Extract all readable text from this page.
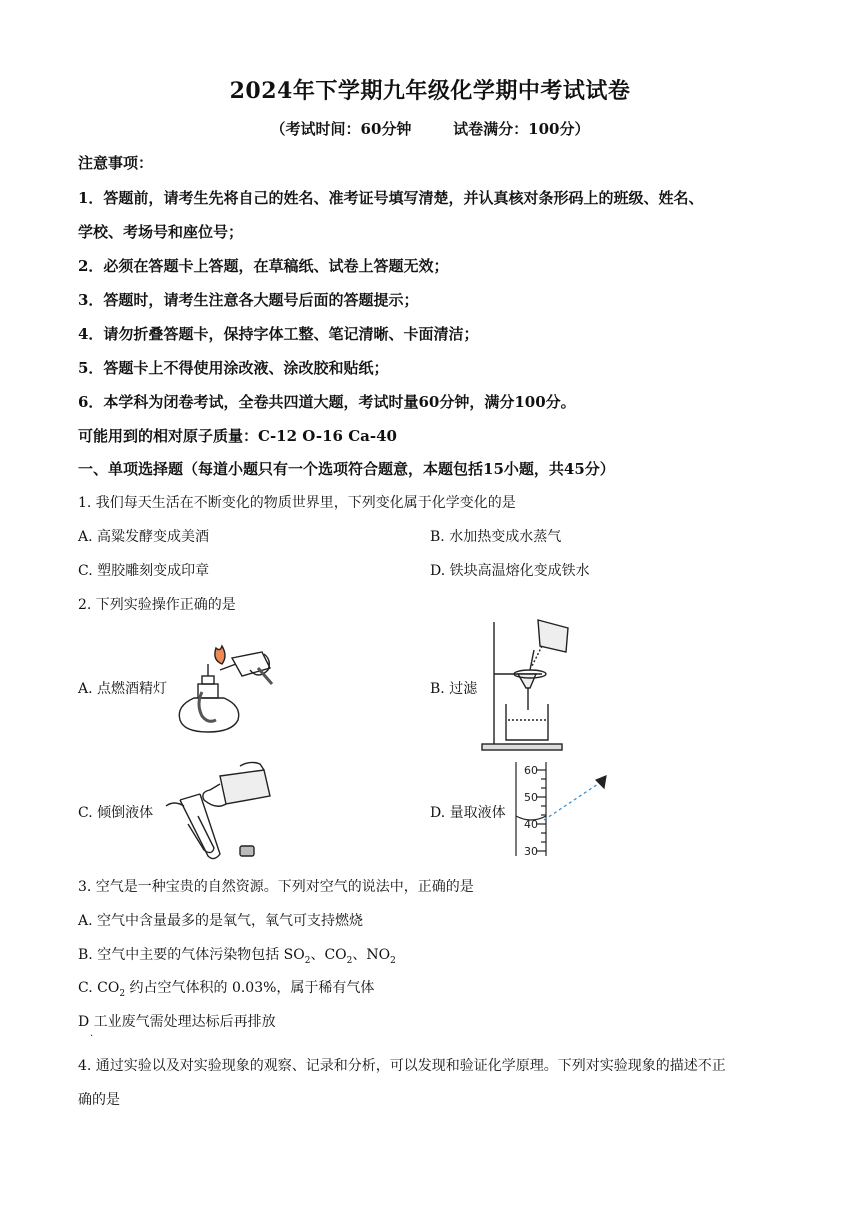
2024年下学期九年级化学期中考试试卷
（考试时间：60分钟        试卷满分：100分）
注意事项：
1．答题前，请考生先将自己的姓名、准考证号填写清楚，并认真核对条形码上的班级、姓名、
学校、考场号和座位号；
2．必须在答题卡上答题，在草稿纸、试卷上答题无效；
3．答题时，请考生注意各大题号后面的答题提示；
4．请勿折叠答题卡，保持字体工整、笔记清晰、卡面清洁；
5．答题卡上不得使用涂改液、涂改胶和贴纸；
6．本学科为闭卷考试，全卷共四道大题，考试时量60分钟，满分100分。
可能用到的相对原子质量：C-12 O-16 Ca-40
一、单项选择题（每道小题只有一个选项符合题意，本题包括15小题，共45分）
1. 我们每天生活在不断变化的物质世界里，下列变化属于化学变化的是
A. 高粱发酵变成美酒	B. 水加热变成水蒸气
C. 塑胶雕刻变成印章	D. 铁块高温熔化变成铁水
2. 下列实验操作正确的是
A. 点燃酒精灯	B. 过滤
C. 倾倒液体	D. 量取液体
60
50
40
30
3. 空气是一种宝贵的自然资源。下列对空气的说法中，正确的是
A. 空气中含量最多的是氧气，氧气可支持燃烧
B. 空气中主要的气体污染物包括 $SO_2$、$CO_2$、$NO_2$
C. $CO_2$ 约占空气体积的 0.03%，属于稀有气体
D 工业废气需处理达标后再排放
.
4. 通过实验以及对实验现象的观察、记录和分析，可以发现和验证化学原理。下列对实验现象的描述不正
确的是
